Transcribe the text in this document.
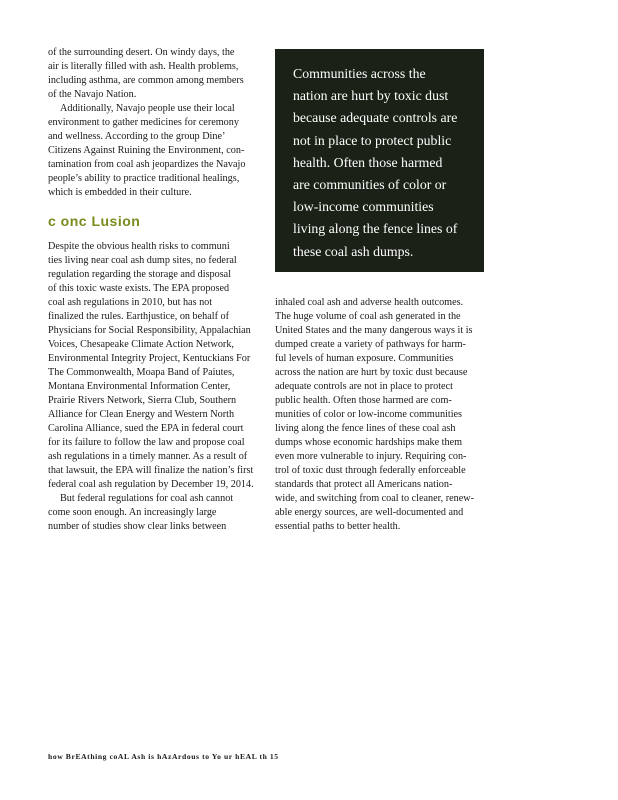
of the surrounding desert. On windy days, the
air is literally filled with ash. Health problems,
including asthma, are common among members
of the Navajo Nation.

Additionally, Navajo people use their local
environment to gather medicines for ceremony
and wellness. According to the group Dine’
Citizens Against Ruining the Environment, con-
tamination from coal ash jeopardizes the Navajo
people’s ability to practice traditional healings,
which is embedded in their culture.

c onc Lusion

Despite the obvious health risks to communi
ties living near coal ash dump sites, no federal
regulation regarding the storage and disposal
of this toxic waste exists. The EPA proposed
coal ash regulations in 2010, but has not
finalized the rules. Earthjustice, on behalf of
Physicians for Social Responsibility, Appalachian
Voices, Chesapeake Climate Action Network,
Environmental Integrity Project, Kentuckians For
The Commonwealth, Moapa Band of Paiutes,
Montana Environmental Information Center,
Prairie Rivers Network, Sierra Club, Southern
Alliance for Clean Energy and Western North
Carolina Alliance, sued the EPA in federal court
for its failure to follow the law and propose coal
ash regulations in a timely manner. As a result of
that lawsuit, the EPA will finalize the nation’s first
federal coal ash regulation by December 19, 2014.

But federal regulations for coal ash cannot
come soon enough. An increasingly large
number of studies show clear links between

Communities across the
nation are hurt by toxic dust
because adequate controls are
not in place to protect public
health. Often those harmed
are communities of color or
low-income communities
living along the fence lines of
these coal ash dumps.

inhaled coal ash and adverse health outcomes.
The huge volume of coal ash generated in the
United States and the many dangerous ways it is
dumped create a variety of pathways for harm-
ful levels of human exposure. Communities
across the nation are hurt by toxic dust because
adequate controls are not in place to protect
public health. Often those harmed are com-
munities of color or low-income communities
living along the fence lines of these coal ash
dumps whose economic hardships make them
even more vulnerable to injury. Requiring con-
trol of toxic dust through federally enforceable
standards that protect all Americans nation-
wide, and switching from coal to cleaner, renew-
able energy sources, are well-documented and
essential paths to better health.

how BrEAthing coAL Ash is hAzArdous to Yo ur hEAL th 15
